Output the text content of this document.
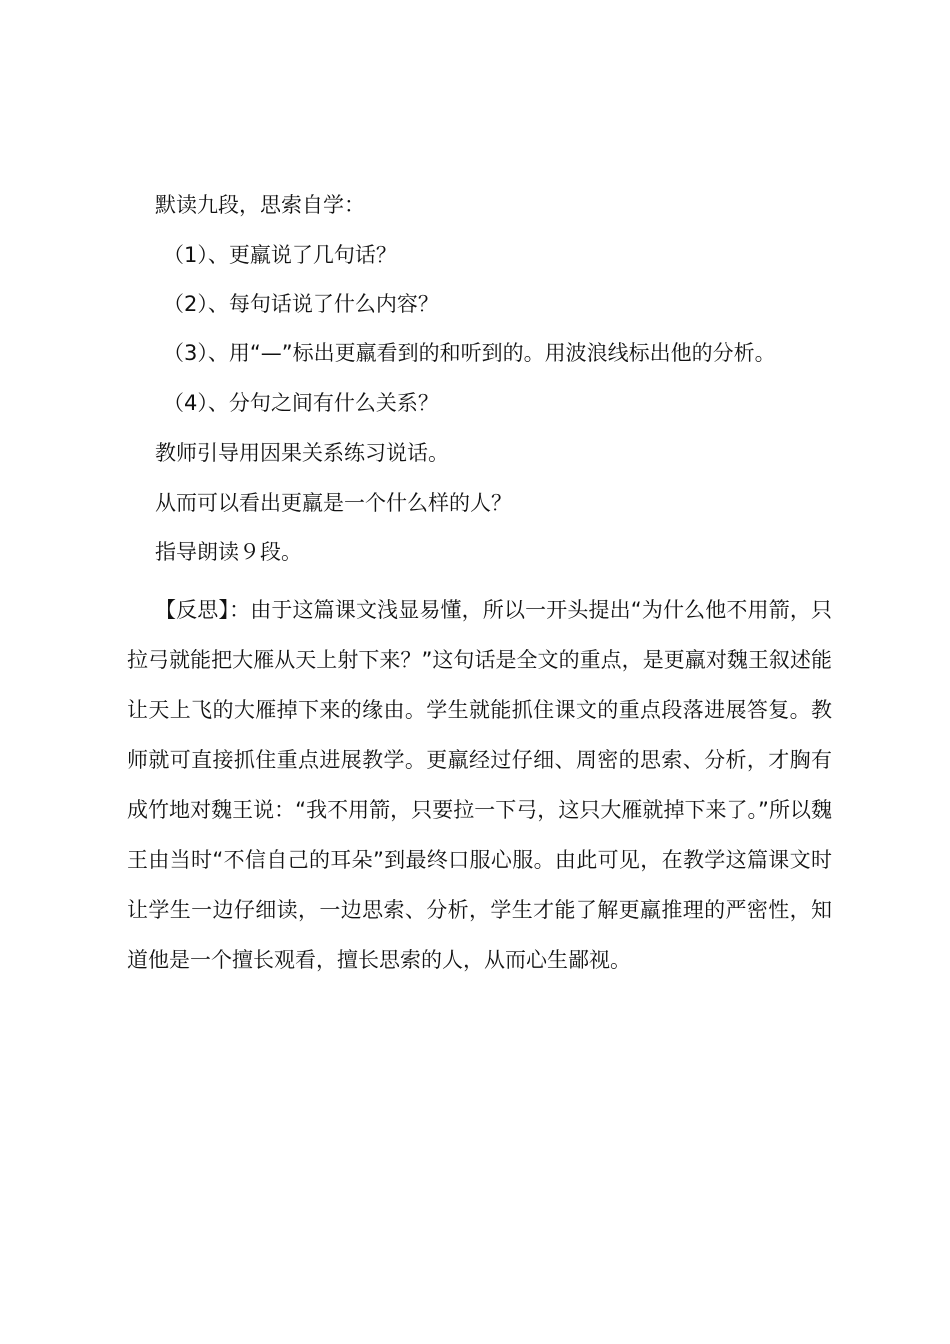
默读九段，思索自学：
（1）、更羸说了几句话？
（2）、每句话说了什么内容？
（3）、用“—”标出更羸看到的和听到的。用波浪线标出他的分析。
（4）、分句之间有什么关系？
教师引导用因果关系练习说话。
从而可以看出更羸是一个什么样的人？
指导朗读９段。

【反思】：由于这篇课文浅显易懂，所以一开头提出“为什么他不用箭，只拉弓就能把大雁从天上射下来？”这句话是全文的重点，是更羸对魏王叙述能让天上飞的大雁掉下来的缘由。学生就能抓住课文的重点段落进展答复。教师就可直接抓住重点进展教学。更羸经过仔细、周密的思索、分析，才胸有成竹地对魏王说：“我不用箭，只要拉一下弓，这只大雁就掉下来了。”所以魏王由当时“不信自己的耳朵”到最终口服心服。由此可见，在教学这篇课文时让学生一边仔细读，一边思索、分析，学生才能了解更羸推理的严密性，知道他是一个擅长观看，擅长思索的人，从而心生鄙视。
